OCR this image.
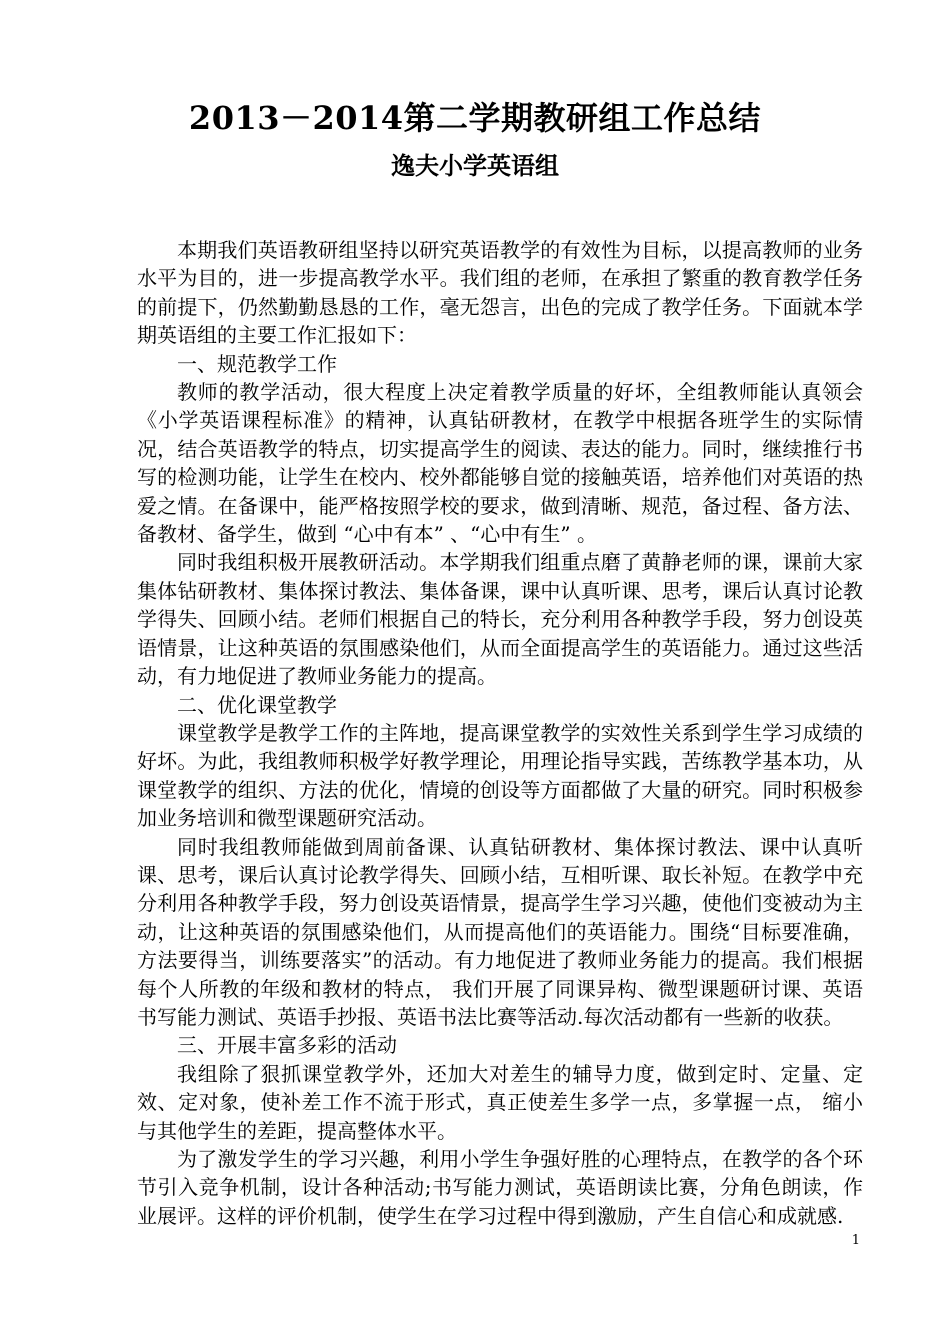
2013－2014第二学期教研组工作总结
逸夫小学英语组

本期我们英语教研组坚持以研究英语教学的有效性为目标，以提高教师的业务水平为目的，进一步提高教学水平。我们组的老师，在承担了繁重的教育教学任务的前提下，仍然勤勤恳恳的工作，毫无怨言，出色的完成了教学任务。下面就本学期英语组的主要工作汇报如下：

一、规范教学工作

教师的教学活动，很大程度上决定着教学质量的好坏，全组教师能认真领会《小学英语课程标准》的精神，认真钻研教材，在教学中根据各班学生的实际情况，结合英语教学的特点，切实提高学生的阅读、表达的能力。同时，继续推行书写的检测功能，让学生在校内、校外都能够自觉的接触英语，培养他们对英语的热爱之情。在备课中，能严格按照学校的要求，做到清晰、规范，备过程、备方法、备教材、备学生，做到 “心中有本” 、“心中有生” 。

同时我组积极开展教研活动。本学期我们组重点磨了黄静老师的课，课前大家集体钻研教材、集体探讨教法、集体备课，课中认真听课、思考，课后认真讨论教学得失、回顾小结。老师们根据自己的特长，充分利用各种教学手段，努力创设英语情景，让这种英语的氛围感染他们，从而全面提高学生的英语能力。通过这些活动，有力地促进了教师业务能力的提高。

二、优化课堂教学

课堂教学是教学工作的主阵地，提高课堂教学的实效性关系到学生学习成绩的好坏。为此，我组教师积极学好教学理论，用理论指导实践，苦练教学基本功，从课堂教学的组织、方法的优化，情境的创设等方面都做了大量的研究。同时积极参加业务培训和微型课题研究活动。

同时我组教师能做到周前备课、认真钻研教材、集体探讨教法、课中认真听课、思考，课后认真讨论教学得失、回顾小结，互相听课、取长补短。在教学中充分利用各种教学手段，努力创设英语情景，提高学生学习兴趣，使他们变被动为主动，让这种英语的氛围感染他们，从而提高他们的英语能力。围绕“目标要准确，方法要得当，训练要落实”的活动。有力地促进了教师业务能力的提高。我们根据每个人所教的年级和教材的特点， 我们开展了同课异构、微型课题研讨课、英语书写能力测试、英语手抄报、英语书法比赛等活动.每次活动都有一些新的收获。

三、开展丰富多彩的活动

我组除了狠抓课堂教学外，还加大对差生的辅导力度，做到定时、定量、定效、定对象，使补差工作不流于形式，真正使差生多学一点，多掌握一点， 缩小与其他学生的差距，提高整体水平。

为了激发学生的学习兴趣，利用小学生争强好胜的心理特点，在教学的各个环节引入竞争机制，设计各种活动;书写能力测试，英语朗读比赛，分角色朗读，作业展评。这样的评价机制，使学生在学习过程中得到激励，产生自信心和成就感.

1
